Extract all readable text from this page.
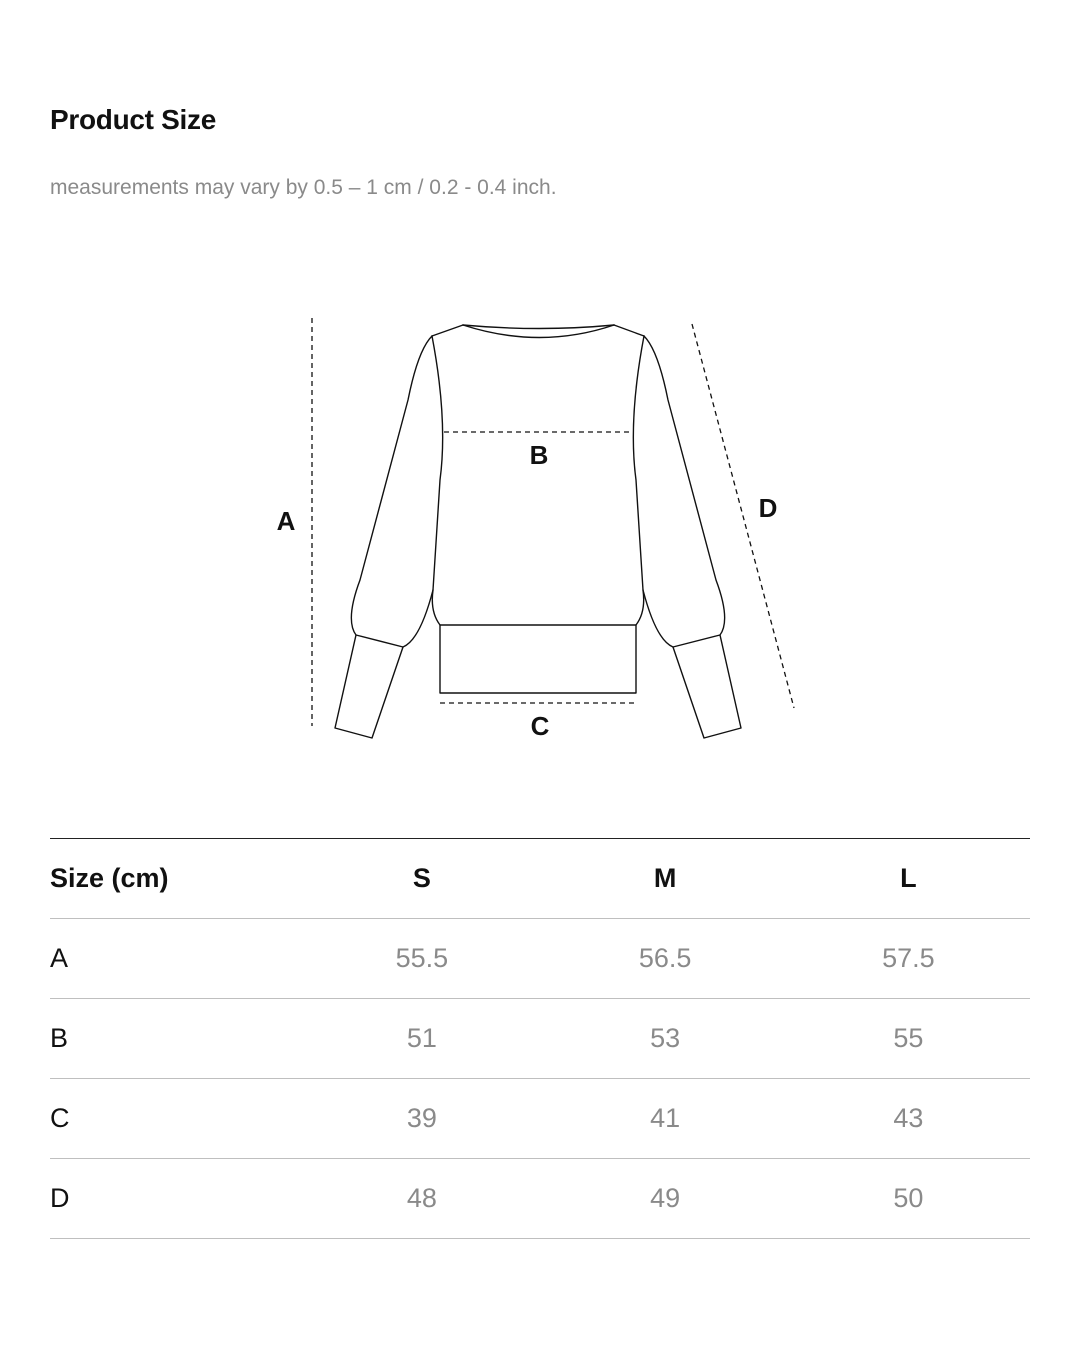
Product Size

measurements may vary by 0.5 – 1 cm / 0.2 - 0.4 inch.

A
B
C
D
Size (cm)	S	M	L
A	55.5	56.5	57.5
B	51	53	55
C	39	41	43
D	48	49	50
